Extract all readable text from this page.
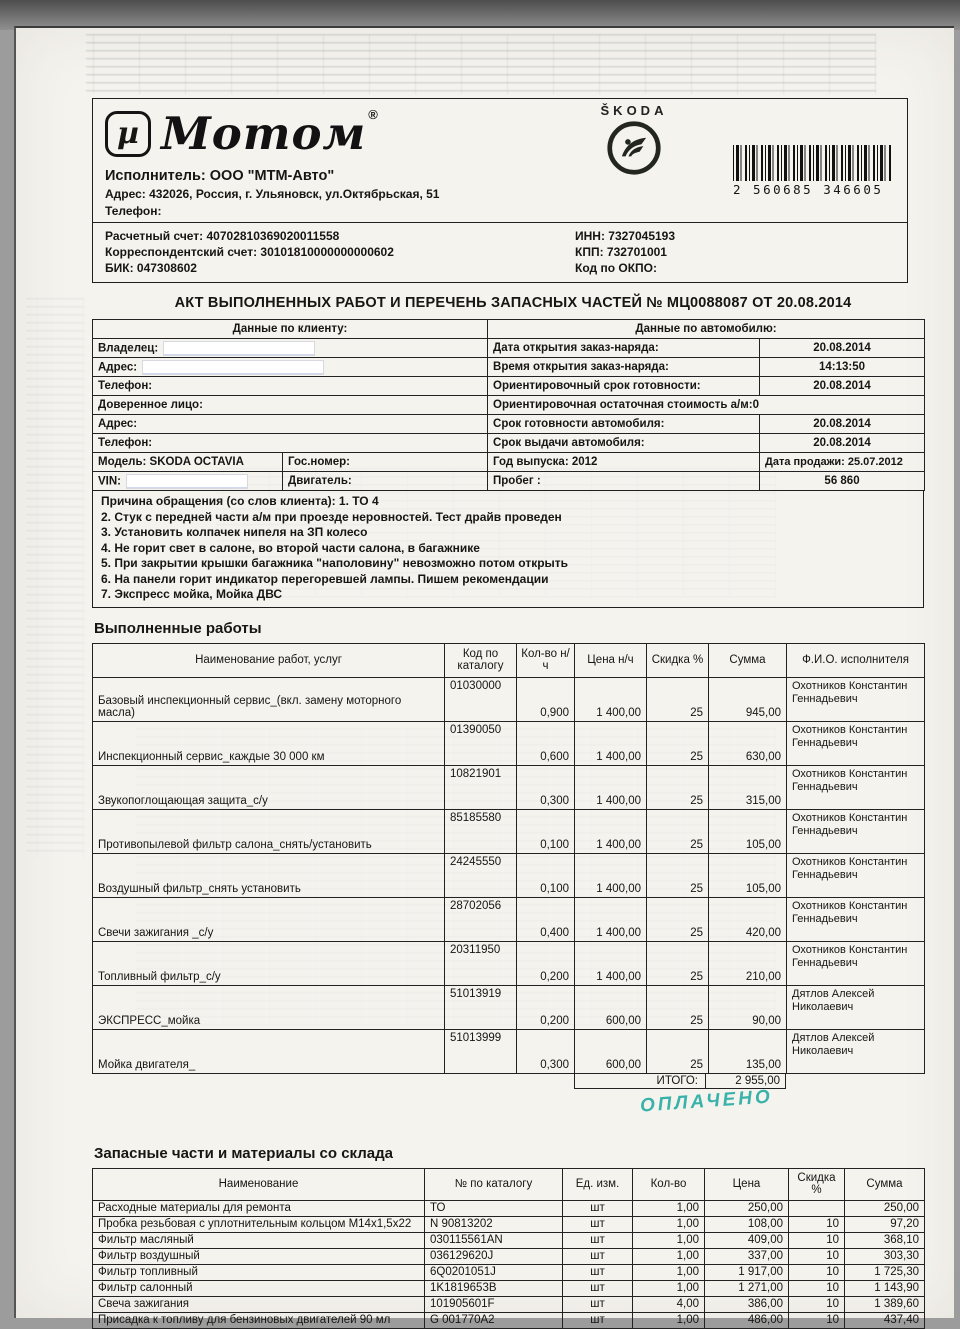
µ Мотом®
Исполнитель: ООО "МТМ-Авто"
Адрес: 432026, Россия, г. Ульяновск, ул.Октябрьская, 51
Телефон:
ŠKODA
2 560685 346605
Расчетный счет: 40702810369020011558
Корреспондентский счет: 30101810000000000602
БИК: 047308602
ИНН: 7327045193
КПП: 732701001
Код по ОКПО:
АКТ ВЫПОЛНЕННЫХ РАБОТ И ПЕРЕЧЕНЬ ЗАПАСНЫХ ЧАСТЕЙ № МЦ0088087 ОТ 20.08.2014
Данные по клиенту:		Данные по автомобилю:	
Владелец:		Дата открытия заказ-наряда:	20.08.2014
Адрес:		Время открытия заказ-наряда:	14:13:50
Телефон:		Ориентировочный срок готовности:	20.08.2014
Доверенное лицо:		Ориентировочная остаточная стоимость а/м:0	
Адрес:		Срок готовности автомобиля:	20.08.2014
Телефон:		Срок выдачи автомобиля:	20.08.2014
Модель: SKODA OCTAVIA	Гос.номер:	Год выпуска: 2012	Дата продажи: 25.07.2012
VIN:	Двигатель:	Пробег :	56 860
Причина обращения (со слов клиента): 1. ТО 4
2. Стук с передней части а/м при проезде неровностей. Тест драйв проведен
3. Установить колпачек нипеля на ЗП колесо
4. Не горит свет в салоне, во второй части салона, в багажнике
5. При закрытии крышки багажника "наполовину" невозможно потом открыть
6. На панели горит индикатор перегоревшей лампы. Пишем рекомендации
7. Экспресс мойка, Мойка ДВС
Выполненные работы
Наименование работ, услуг	Код по каталогу	Кол-во н/ч	Цена н/ч	Скидка %	Сумма	Ф.И.О. исполнителя
Базовый инспекционный сервис_(вкл. замену моторного масла)	01030000	0,900	1 400,00	25	945,00	Охотников Константин Геннадьевич
Инспекционный сервис_каждые 30 000 км	01390050	0,600	1 400,00	25	630,00	Охотников Константин Геннадьевич
Звукопоглощающая защита_с/у	10821901	0,300	1 400,00	25	315,00	Охотников Константин Геннадьевич
Противопылевой фильтр салона_снять/установить	85185580	0,100	1 400,00	25	105,00	Охотников Константин Геннадьевич
Воздушный фильтр_снять установить	24245550	0,100	1 400,00	25	105,00	Охотников Константин Геннадьевич
Свечи зажигания _с/у	28702056	0,400	1 400,00	25	420,00	Охотников Константин Геннадьевич
Топливный фильтр_с/у	20311950	0,200	1 400,00	25	210,00	Охотников Константин Геннадьевич
ЭКСПРЕСС_мойка	51013919	0,200	600,00	25	90,00	Дятлов Алексей Николаевич
Мойка двигателя_	51013999	0,300	600,00	25	135,00	Дятлов Алексей Николаевич
ИТОГО:	2 955,00
ОПЛАЧЕНО
Запасные части и материалы со склада
Наименование	№ по каталогу	Ед. изм.	Кол-во	Цена	Скидка %	Сумма
Расходные материалы для ремонта	ТО	шт	1,00	250,00		250,00
Пробка резьбовая с уплотнительным кольцом М14х1,5х22	N 90813202	шт	1,00	108,00	10	97,20
Фильтр масляный	030115561AN	шт	1,00	409,00	10	368,10
Фильтр воздушный	036129620J	шт	1,00	337,00	10	303,30
Фильтр топливный	6Q0201051J	шт	1,00	1 917,00	10	1 725,30
Фильтр салонный	1K1819653B	шт	1,00	1 271,00	10	1 143,90
Свеча зажигания	101905601F	шт	4,00	386,00	10	1 389,60
Присадка к топливу для бензиновых двигателей 90 мл	G 001770A2	шт	1,00	486,00	10	437,40
